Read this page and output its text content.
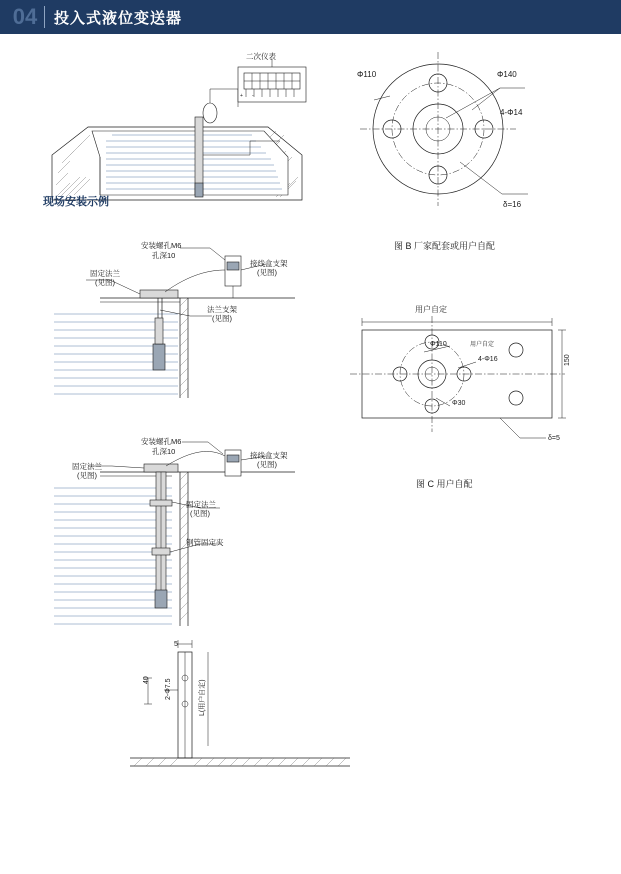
04 投入式液位变送器
二次仪表
+ -
现场安装示例
Φ110	Φ140
4-Φ14
δ=16
图 B 厂家配套或用户自配
安装螺孔M6
孔深10
接线盒支架
(见图)
固定法兰
(见图)
法兰支架
(见图)
用户自定
Φ110	用户自定
4-Φ16
Φ30
150
δ=5
图 C 用户自配
安装螺孔M6
孔深10	接线盒支架
(见图)
固定法兰
(见图)
固定法兰
(见图)
钢管固定夹
5
40 2-Φ7.5	L(用户自定)
